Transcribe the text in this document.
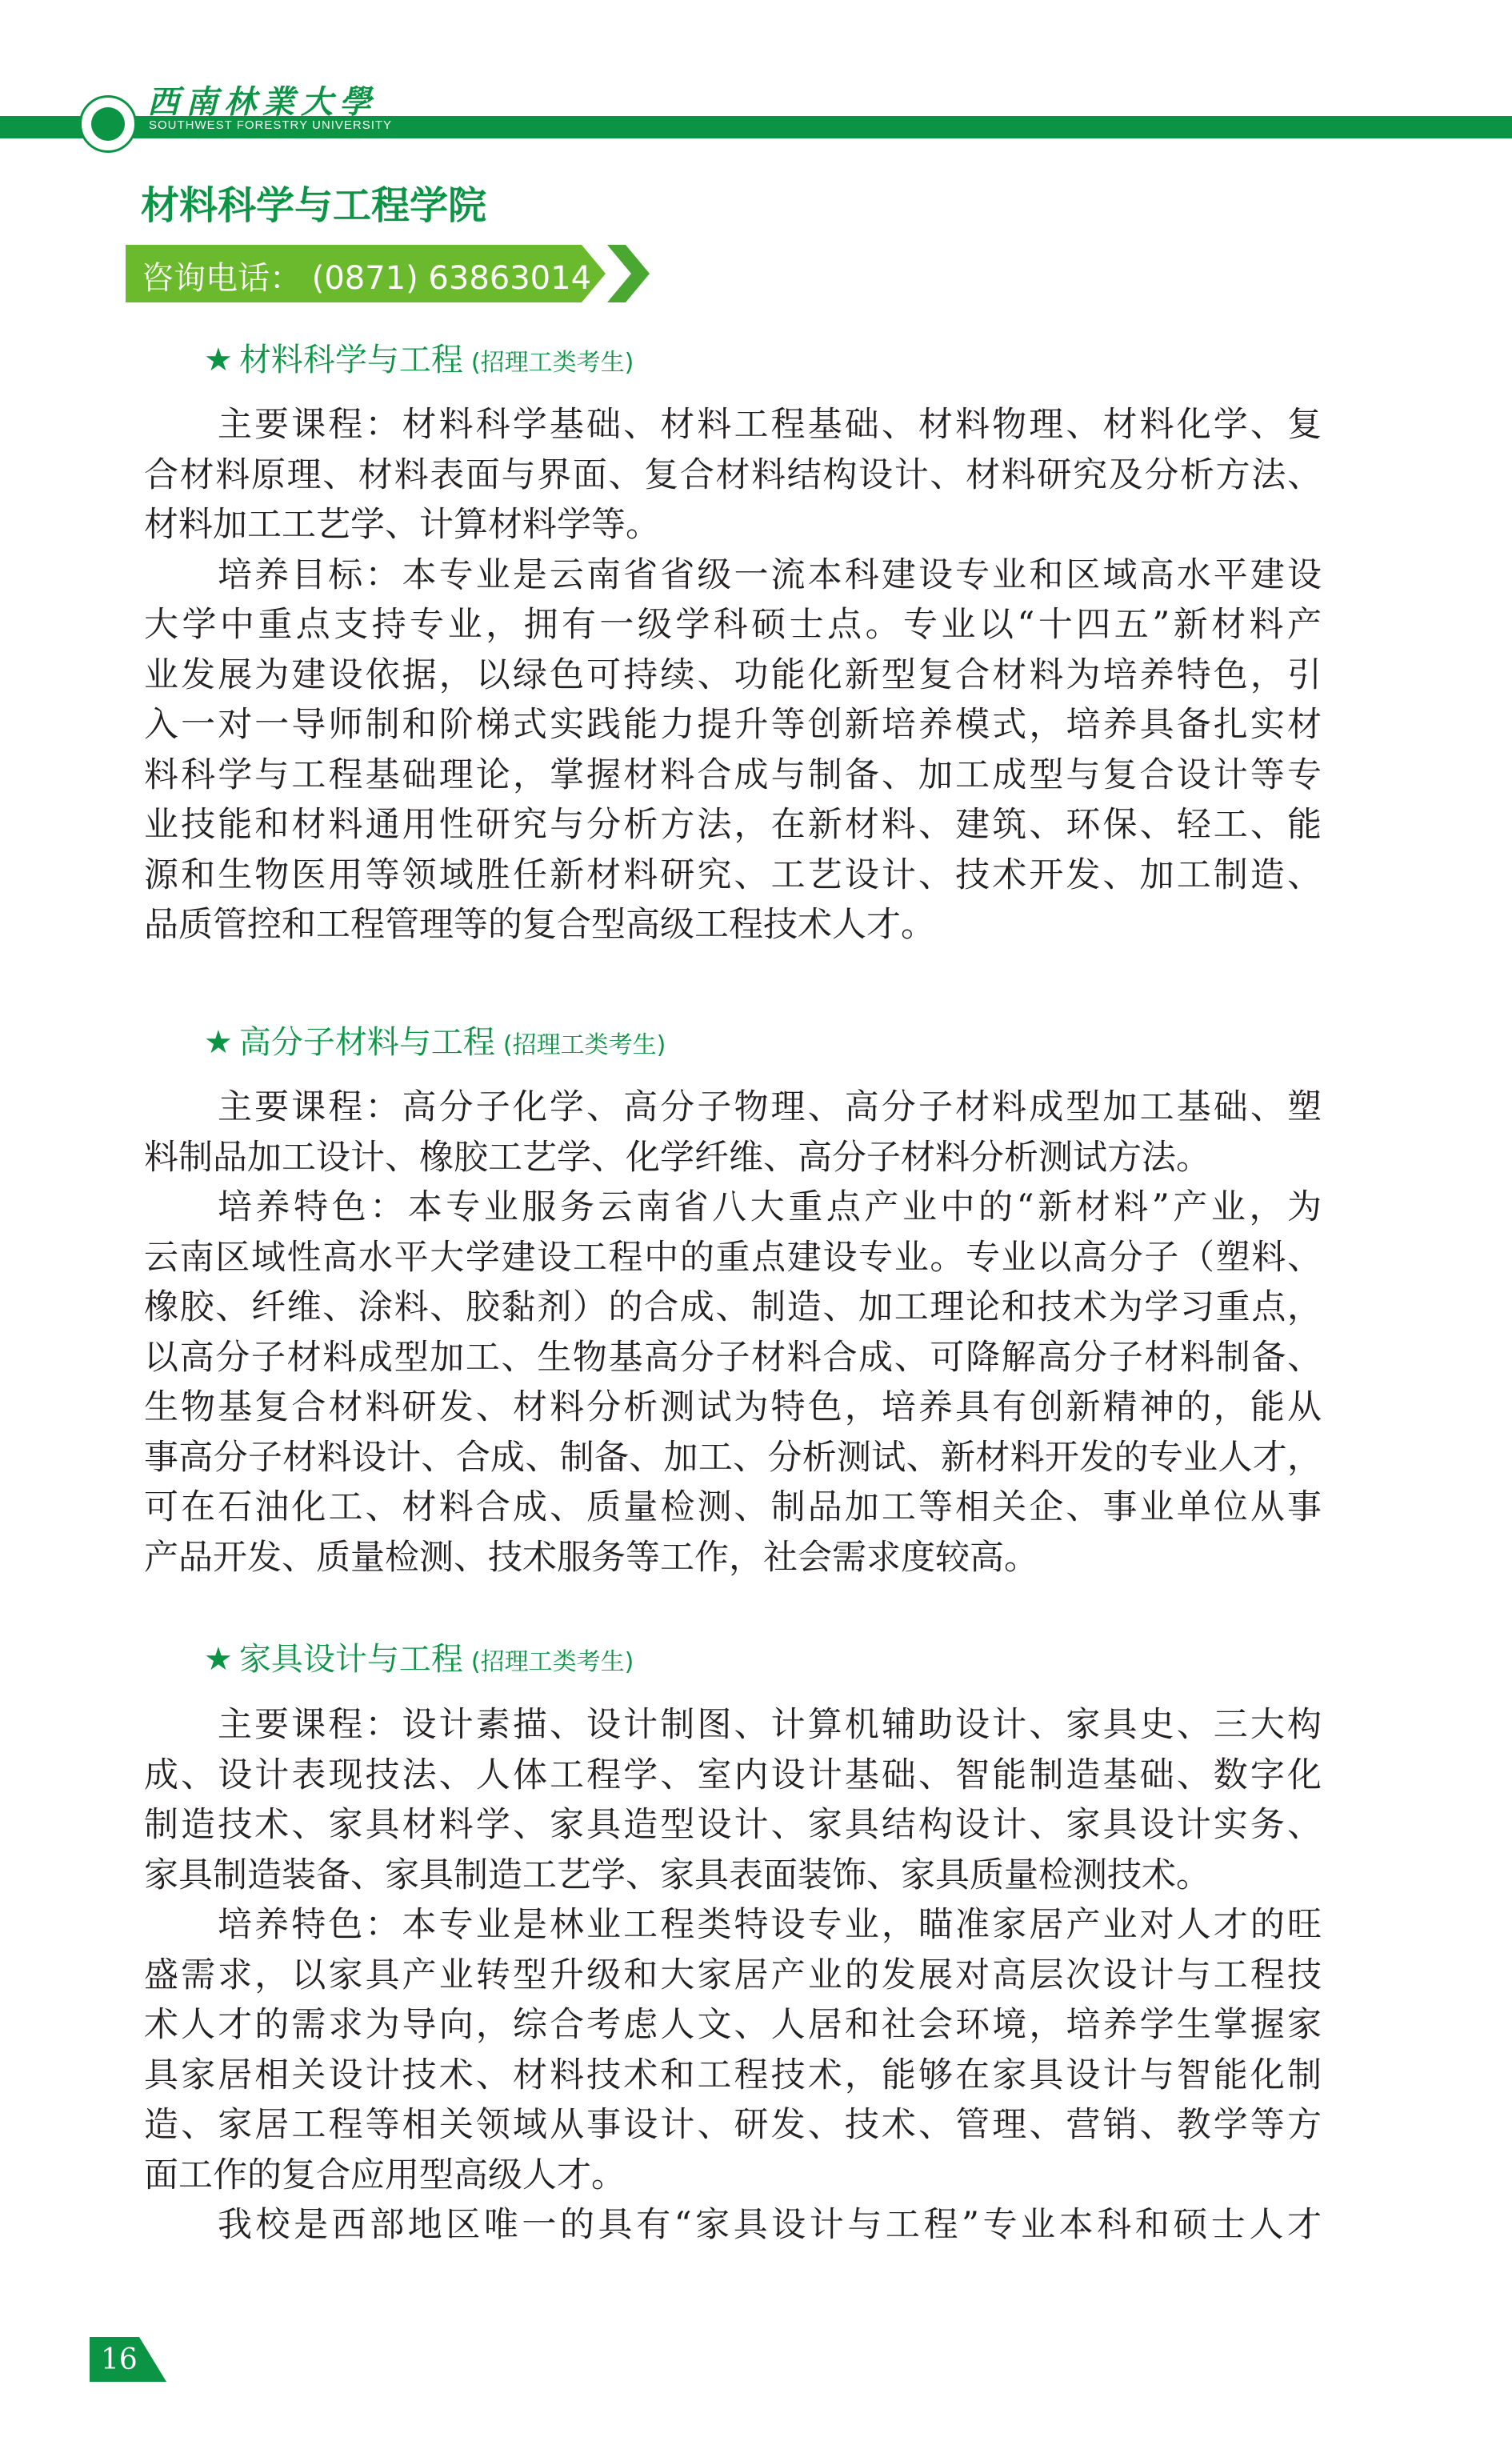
西南林業大學
SOUTHWEST FORESTRY UNIVERSITY
材料科学与工程学院
咨询电话： (0871) 63863014
★ 材料科学与工程 (招理工类考生)
主要课程：材料科学基础、材料工程基础、材料物理、材料化学、复
合材料原理、材料表面与界面、复合材料结构设计、材料研究及分析方法、
材料加工工艺学、计算材料学等。
培养目标：本专业是云南省省级一流本科建设专业和区域高水平建设
大学中重点支持专业，拥有一级学科硕士点。专业以“十四五”新材料产
业发展为建设依据，以绿色可持续、功能化新型复合材料为培养特色，引
入一对一导师制和阶梯式实践能力提升等创新培养模式，培养具备扎实材
料科学与工程基础理论，掌握材料合成与制备、加工成型与复合设计等专
业技能和材料通用性研究与分析方法，在新材料、建筑、环保、轻工、能
源和生物医用等领域胜任新材料研究、工艺设计、技术开发、加工制造、
品质管控和工程管理等的复合型高级工程技术人才。
★ 高分子材料与工程 (招理工类考生)
主要课程：高分子化学、高分子物理、高分子材料成型加工基础、塑
料制品加工设计、橡胶工艺学、化学纤维、高分子材料分析测试方法。
培养特色：本专业服务云南省八大重点产业中的“新材料”产业，为
云南区域性高水平大学建设工程中的重点建设专业。专业以高分子（塑料、
橡胶、纤维、涂料、胶黏剂）的合成、制造、加工理论和技术为学习重点，
以高分子材料成型加工、生物基高分子材料合成、可降解高分子材料制备、
生物基复合材料研发、材料分析测试为特色，培养具有创新精神的，能从
事高分子材料设计、合成、制备、加工、分析测试、新材料开发的专业人才，
可在石油化工、材料合成、质量检测、制品加工等相关企、事业单位从事
产品开发、质量检测、技术服务等工作，社会需求度较高。
★ 家具设计与工程 (招理工类考生)
主要课程：设计素描、设计制图、计算机辅助设计、家具史、三大构
成、设计表现技法、人体工程学、室内设计基础、智能制造基础、数字化
制造技术、家具材料学、家具造型设计、家具结构设计、家具设计实务、
家具制造装备、家具制造工艺学、家具表面装饰、家具质量检测技术。
培养特色：本专业是林业工程类特设专业，瞄准家居产业对人才的旺
盛需求，以家具产业转型升级和大家居产业的发展对高层次设计与工程技
术人才的需求为导向，综合考虑人文、人居和社会环境，培养学生掌握家
具家居相关设计技术、材料技术和工程技术，能够在家具设计与智能化制
造、家居工程等相关领域从事设计、研发、技术、管理、营销、教学等方
面工作的复合应用型高级人才。
我校是西部地区唯一的具有“家具设计与工程”专业本科和硕士人才
16
